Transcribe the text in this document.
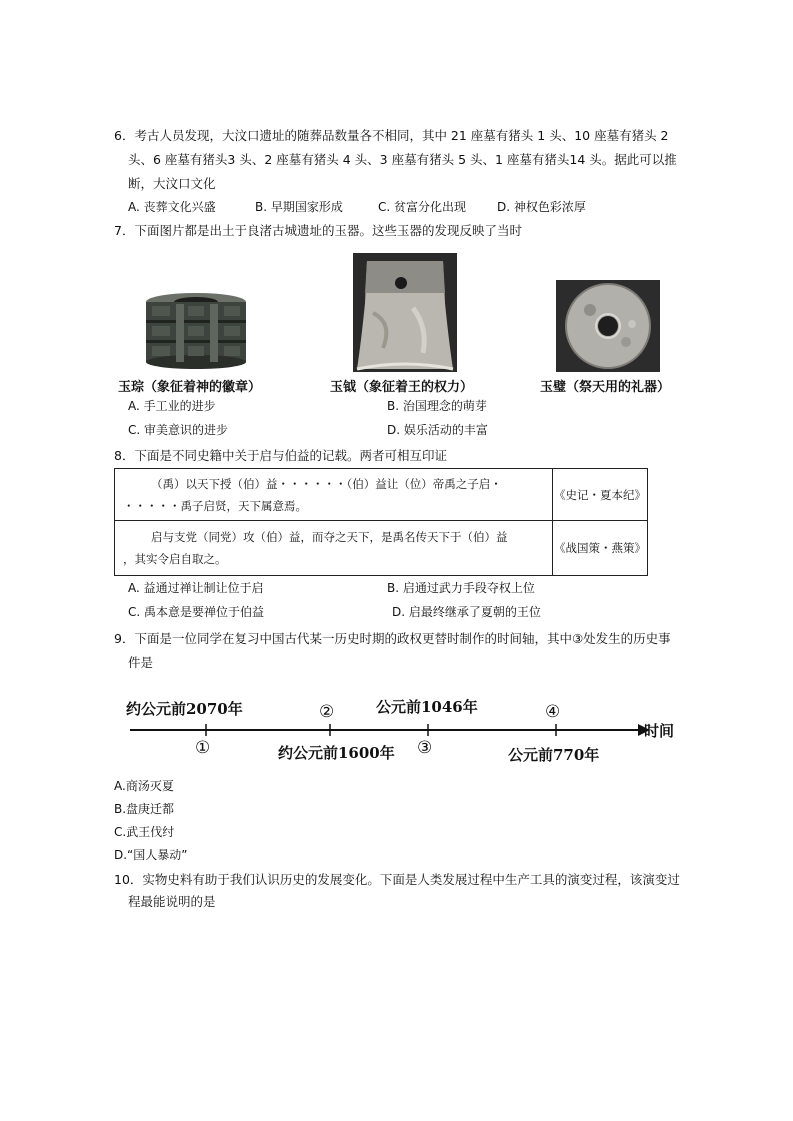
6．考古人员发现，大汶口遗址的随葬品数量各不相同，其中 21 座墓有猪头 1 头、10 座墓有猪头 2
头、6 座墓有猪头3 头、2 座墓有猪头 4 头、3 座墓有猪头 5 头、1 座墓有猪头14 头。据此可以推
断，大汶口文化
A. 丧葬文化兴盛	B. 早期国家形成	C. 贫富分化出现	D. 神权色彩浓厚
7．下面图片都是出土于良渚古城遗址的玉器。这些玉器的发现反映了当时
玉琮（象征着神的徽章）	玉钺（象征着王的权力）	玉璧（祭天用的礼器）
A. 手工业的进步	B. 治国理念的萌芽
C. 审美意识的进步	D. 娱乐活动的丰富
8．下面是不同史籍中关于启与伯益的记载。两者可相互印证
（禹）以天下授（伯）益・・・・・・（伯）益让（位）帝禹之子启・
・・・・・禹子启贤，天下属意焉。	《史记・夏本纪》

启与支党（同党）攻（伯）益，而夺之天下，是禹名传天下于（伯）益
，其实令启自取之。	《战国策・燕策》
A. 益通过禅让制让位于启	B. 启通过武力手段夺权上位
C. 禹本意是要禅位于伯益	D. 启最终继承了夏朝的王位
9．下面是一位同学在复习中国古代某一历史时期的政权更替时制作的时间轴，其中③处发生的历史事
件是
约公元前2070年	②	公元前1046年	④
①	约公元前1600年 ③	公元前770年
时间
A.商汤灭夏
B.盘庚迁都
C.武王伐纣
D.“国人暴动”
10．实物史料有助于我们认识历史的发展变化。下面是人类发展过程中生产工具的演变过程，该演变过
程最能说明的是
